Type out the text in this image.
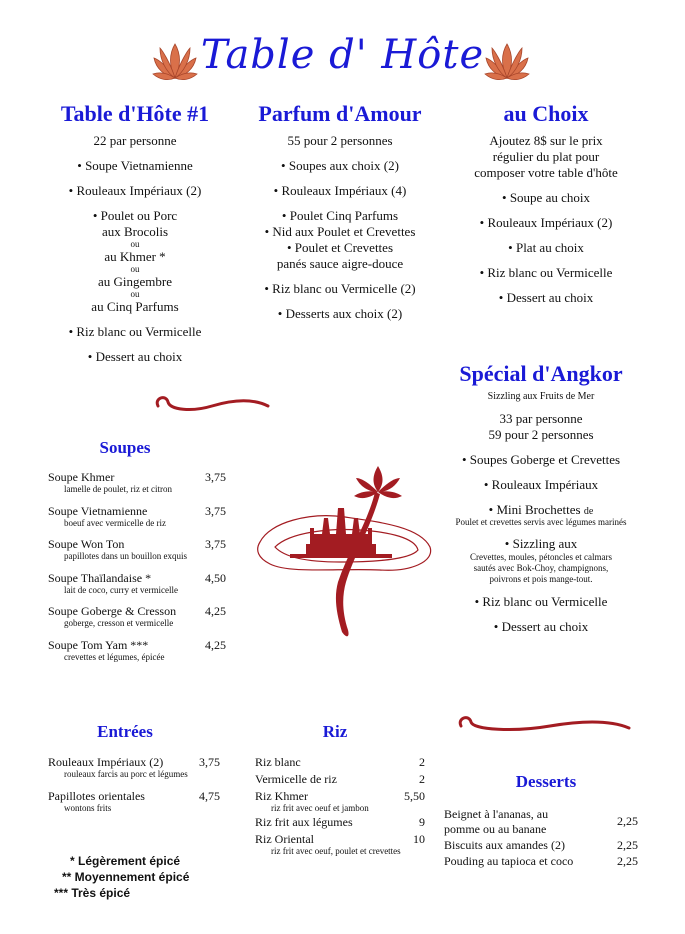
Table d' Hôte
Table d'Hôte #1
22 par personne
• Soupe Vietnamienne
• Rouleaux Impériaux (2)
• Poulet ou Porc
aux Brocolis
ou
au Khmer *
ou
au Gingembre
ou
au Cinq Parfums
• Riz blanc ou Vermicelle
• Dessert au choix
Parfum d'Amour
55 pour 2 personnes
• Soupes aux choix (2)
• Rouleaux Impériaux (4)
• Poulet Cinq Parfums
• Nid aux Poulet et Crevettes
• Poulet et Crevettes
panés sauce aigre-douce
• Riz blanc ou Vermicelle (2)
• Desserts aux choix (2)
au Choix
Ajoutez 8$ sur le prix
régulier du plat pour
composer votre table d'hôte
• Soupe au choix
• Rouleaux Impériaux (2)
• Plat au choix
• Riz blanc ou Vermicelle
• Dessert au choix
Spécial d'Angkor
Sizzling aux Fruits de Mer
33 par personne
59 pour 2 personnes
• Soupes Goberge et Crevettes
• Rouleaux Impériaux
• Mini Brochettes de
Poulet et crevettes servis avec légumes marinés
• Sizzling aux
Crevettes, moules, pétoncles et calmars
sautés avec Bok-Choy, champignons,
poivrons et pois mange-tout.
• Riz blanc ou Vermicelle
• Dessert au choix
Soupes
Soupe Khmer	3,75
lamelle de poulet, riz et citron
Soupe Vietnamienne	3,75
boeuf avec vermicelle de riz
Soupe Won Ton	3,75
papillotes dans un bouillon exquis
Soupe Thaïlandaise *	4,50
lait de coco, curry et vermicelle
Soupe Goberge & Cresson 4,25
goberge, cresson et vermicelle
Soupe Tom Yam ***	4,25
crevettes et légumes, épicée
Entrées
Rouleaux Impériaux (2)	3,75
rouleaux farcis au porc et légumes
Papillotes orientales	4,75
wontons frits
Riz
Riz blanc	2
Vermicelle de riz	2
Riz Khmer	5,50
riz frit avec oeuf et jambon
Riz frit aux légumes	9
Riz Oriental	10
riz frit avec oeuf, poulet et crevettes
Desserts
Beignet à l'ananas, au
pomme ou au banane
2,25
Biscuits aux amandes (2)	2,25
Pouding au tapioca et coco	2,25
* Légèrement épicé
** Moyennement épicé
*** Très épicé
